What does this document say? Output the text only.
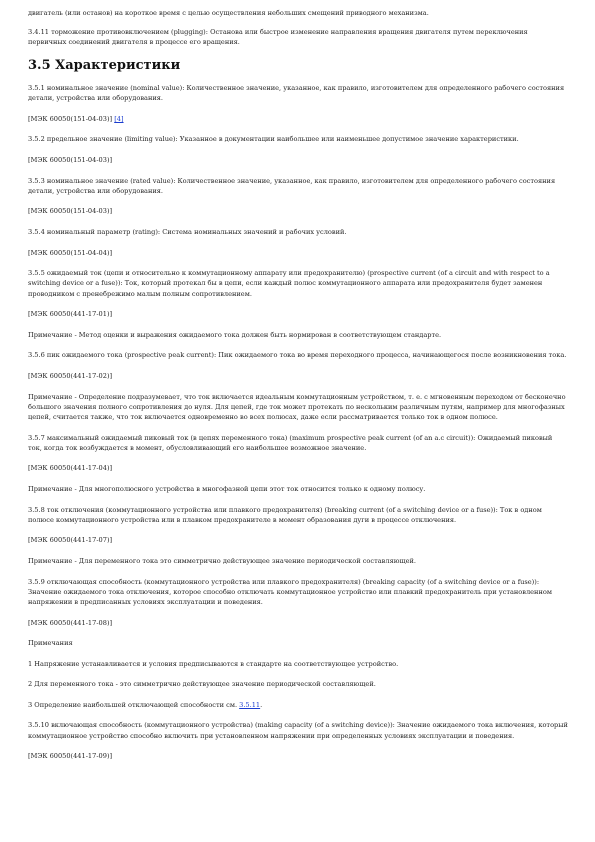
двигатель (или останов) на короткое время с целью осуществления небольших смещений приводного механизма.

3.4.11 торможение противовключением (plugging): Останова или быстрое изменение направления вращения двигателя путем переключения первичных соединений двигателя в процессе его вращения.

3.5 Характеристики

3.5.1 номинальное значение (nominal value): Количественное значение, указанное, как правило, изготовителем для определенного рабочего состояния детали, устройства или оборудования.

[МЭК 60050(151-04-03)] [4]

3.5.2 предельное значение (limiting value): Указанное в документации наибольшее или наименьшее допустимое значение характеристики.

[МЭК 60050(151-04-03)]

3.5.3 номинальное значение (rated value): Количественное значение, указанное, как правило, изготовителем для определенного рабочего состояния детали, устройства или оборудования.

[МЭК 60050(151-04-03)]

3.5.4 номинальный параметр (rating): Система номинальных значений и рабочих условий.

[МЭК 60050(151-04-04)]

3.5.5 ожидаемый ток (цепи и относительно к коммутационному аппарату или предохранителю) (prospective current (of a circuit and with respect to a switching device or a fuse)): Ток, который протекал бы в цепи, если каждый полюс коммутационного аппарата или предохранителя будет заменен проводником с пренебрежимо малым полным сопротивлением.

[МЭК 60050(441-17-01)]

Примечание - Метод оценки и выражения ожидаемого тока должен быть нормирован в соответствующем стандарте.

3.5.6 пик ожидаемого тока (prospective peak current): Пик ожидаемого тока во время переходного процесса, начинающегося после возникновения тока.

[МЭК 60050(441-17-02)]

Примечание - Определение подразумевает, что ток включается идеальным коммутационным устройством, т. е. с мгновенным переходом от бесконечно большого значения полного сопротивления до нуля. Для цепей, где ток может протекать по нескольким различным путям, например для многофазных цепей, считается также, что ток включается одновременно во всех полюсах, даже если рассматривается только ток в одном полюсе.

3.5.7 максимальный ожидаемый пиковый ток (в цепях переменного тока) (maximum prospective peak current (of an a.c circuit)): Ожидаемый пиковый ток, когда ток возбуждается в момент, обусловливающий его наибольшее возможное значение.

[МЭК 60050(441-17-04)]

Примечание - Для многополюсного устройства в многофазной цепи этот ток относится только к одному полюсу.

3.5.8 ток отключения (коммутационного устройства или плавкого предохранителя) (breaking current (of a switching device or a fuse)): Ток в одном полюсе коммутационного устройства или в плавком предохранителе в момент образования дуги в процессе отключения.

[МЭК 60050(441-17-07)]

Примечание - Для переменного тока это симметрично действующее значение периодической составляющей.

3.5.9 отключающая способность (коммутационного устройства или плавкого предохранителя) (breaking capacity (of a switching device or a fuse)): Значение ожидаемого тока отключения, которое способно отключать коммутационное устройство или плавкий предохранитель при установленном напряжении в предписанных условиях эксплуатации и поведения.

[МЭК 60050(441-17-08)]

Примечания

1 Напряжение устанавливается и условия предписываются в стандарте на соответствующее устройство.

2 Для переменного тока - это симметрично действующее значение периодической составляющей.

3 Определение наибольшей отключающей способности см. 3.5.11.

3.5.10 включающая способность (коммутационного устройства) (making capacity (of a switching device)): Значение ожидаемого тока включения, который коммутационное устройство способно включить при установленном напряжении при определенных условиях эксплуатации и поведения.

[МЭК 60050(441-17-09)]
